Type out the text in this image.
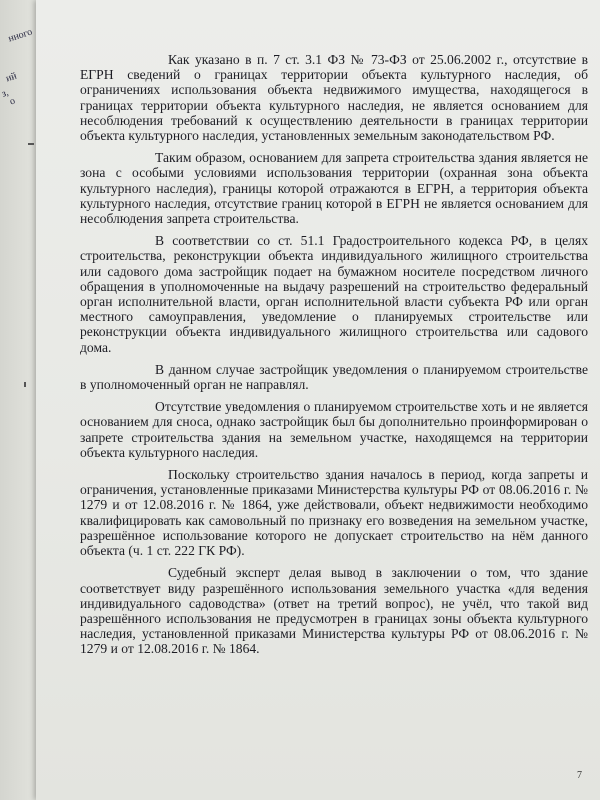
нного
ий
о
з,

Как указано в п. 7 ст. 3.1 ФЗ № 73-ФЗ от 25.06.2002 г., отсутствие в ЕГРН сведений о границах территории объекта культурного наследия, об ограничениях использования объекта недвижимого имущества, находящегося в границах территории объекта культурного наследия, не является основанием для несоблюдения требований к осуществлению деятельности в границах территории объекта культурного наследия, установленных земельным законодательством РФ.

Таким образом, основанием для запрета строительства здания является не зона с особыми условиями использования территории (охранная зона объекта культурного наследия), границы которой отражаются в ЕГРН, а территория объекта культурного наследия, отсутствие границ которой в ЕГРН не является основанием для несоблюдения запрета строительства.

В соответствии со ст. 51.1 Градостроительного кодекса РФ, в целях строительства, реконструкции объекта индивидуального жилищного строительства или садового дома застройщик подает на бумажном носителе посредством личного обращения в уполномоченные на выдачу разрешений на строительство федеральный орган исполнительной власти, орган исполнительной власти субъекта РФ или орган местного самоуправления, уведомление о планируемых строительстве или реконструкции объекта индивидуального жилищного строительства или садового дома.

В данном случае застройщик уведомления о планируемом строительстве в уполномоченный орган не направлял.

Отсутствие уведомления о планируемом строительстве хоть и не является основанием для сноса, однако застройщик был бы дополнительно проинформирован о запрете строительства здания на земельном участке, находящемся на территории объекта культурного наследия.

Поскольку строительство здания началось в период, когда запреты и ограничения, установленные приказами Министерства культуры РФ от 08.06.2016 г. № 1279 и от 12.08.2016 г. № 1864, уже действовали, объект недвижимости необходимо квалифицировать как самовольный по признаку его возведения на земельном участке, разрешённое использование которого не допускает строительство на нём данного объекта (ч. 1 ст. 222 ГК РФ).

Судебный эксперт делая вывод в заключении о том, что здание соответствует виду разрешённого использования земельного участка «для ведения индивидуального садоводства» (ответ на третий вопрос), не учёл, что такой вид разрешённого использования не предусмотрен в границах зоны объекта культурного наследия, установленной приказами Министерства культуры РФ от 08.06.2016 г. № 1279 и от 12.08.2016 г. № 1864.

7
